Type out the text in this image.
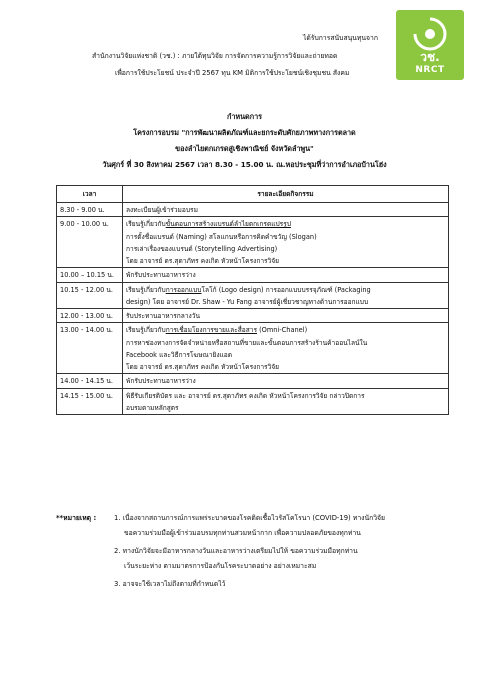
วช.
NRCT
ได้รับการสนับสนุนทุนจาก
สำนักงานวิจัยแห่งชาติ (วช.) : ภายใต้ทุนวิจัย การจัดการความรู้การวิจัยและถ่ายทอด
เพื่อการใช้ประโยชน์ ประจำปี 2567 ทุน KM มิติการใช้ประโยชน์เชิงชุมชน สังคม
กำหนดการ
โครงการอบรม "การพัฒนาผลิตภัณฑ์และยกระดับศักยภาพทางการตลาด
ของลำไยตกเกรดสู่เชิงพาณิชย์ จังหวัดลำพูน"
วันศุกร์ ที่ 30 สิงหาคม 2567 เวลา 8.30 - 15.00 น. ณ.หอประชุมที่ว่าการอำเภอบ้านโฮ่ง
เวลา	รายละเอียดกิจกรรม
8.30 - 9.00 น.	ลงทะเบียนผู้เข้าร่วมอบรม

9.00 - 10.00 น.	เรียนรู้เกี่ยวกับขั้นตอนการสร้างแบรนด์ลำไยตกเกรดแปรรูป
การตั้งชื่อแบรนด์ (Naming) สโลแกนหรือการคิดคำขวัญ (Slogan)
การเล่าเรื่องของแบรนด์ (Storytelling Advertising)
โดย อาจารย์ ดร.สุดาภัทร คงเกิด หัวหน้าโครงการวิจัย

10.00 – 10.15 น.	พักรับประทานอาหารว่าง

10.15 - 12.00 น.	เรียนรู้เกี่ยวกับการออกแบบโลโก้ (Logo design) การออกแบบบรรจุภัณฑ์ (Packaging
design) โดย อาจารย์ Dr. Shaw - Yu Fang อาจารย์ผู้เชี่ยวชาญทางด้านการออกแบบ

12.00 - 13.00 น.	รับประทานอาหารกลางวัน

13.00 - 14.00 น.	เรียนรู้เกี่ยวกับการเชื่อมโยงการขายและสื่อสาร (Omni-Chanel)
การหาช่องทางการจัดจำหน่ายหรือสถานที่ขายและขั้นตอนการสร้างร้านค้าออนไลน์ใน
Facebook และวิธีการโฆษณายิงแอด
โดย อาจารย์ ดร.สุดาภัทร คงเกิด หัวหน้าโครงการวิจัย

14.00 - 14.15 น.	พักรับประทานอาหารว่าง

14.15 - 15.00 น.	พิธีรับเกียรติบัตร และ อาจารย์ ดร.สุดาภัทร คงเกิด หัวหน้าโครงการวิจัย กล่าวปิดการ
อบรมตามหลักสูตร
**หมายเหตุ :	1. เนื่องจากสถานการณ์การแพร่ระบาดของโรคติดเชื้อไวรัสโคโรนา (COVID-19) ทางนักวิจัย
ขอความร่วมมือผู้เข้าร่วมอบรมทุกท่านสวมหน้ากาก เพื่อความปลอดภัยของทุกท่าน
2. ทางนักวิจัยจะมีอาหารกลางวันและอาหารว่างเตรียมไปให้ ขอความร่วมมือทุกท่าน
เว้นระยะห่าง ตามมาตรการป้องกันโรคระบาดอย่าง อย่างเหมาะสม
3. อาจจะใช้เวลาไม่ถึงตามที่กำหนดไว้
